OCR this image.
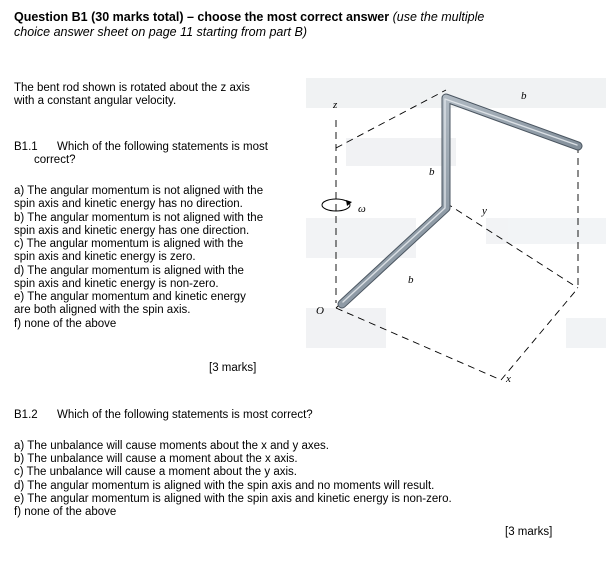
Question B1 (30 marks total) – choose the most correct answer (use the multiple
choice answer sheet on page 11 starting from part B)
The bent rod shown is rotated about the z axis
with a constant angular velocity.
B1.1 Which of the following statements is most
correct?
a) The angular momentum is not aligned with the
spin axis and kinetic energy has no direction.
b) The angular momentum is not aligned with the
spin axis and kinetic energy has one direction.
c) The angular momentum is aligned with the
spin axis and kinetic energy is zero.
d) The angular momentum is aligned with the
spin axis and kinetic energy is non-zero.
e) The angular momentum and kinetic energy
are both aligned with the spin axis.
f) none of the above
[3 marks]
B1.2 Which of the following statements is most correct?
a) The unbalance will cause moments about the x and y axes.
b) The unbalance will cause a moment about the x axis.
c) The unbalance will cause a moment about the y axis.
d) The angular momentum is aligned with the spin axis and no moments will result.
e) The angular momentum is aligned with the spin axis and kinetic energy is non-zero.
f) none of the above
[3 marks]
z
ω
O
x
y
b
b
b
